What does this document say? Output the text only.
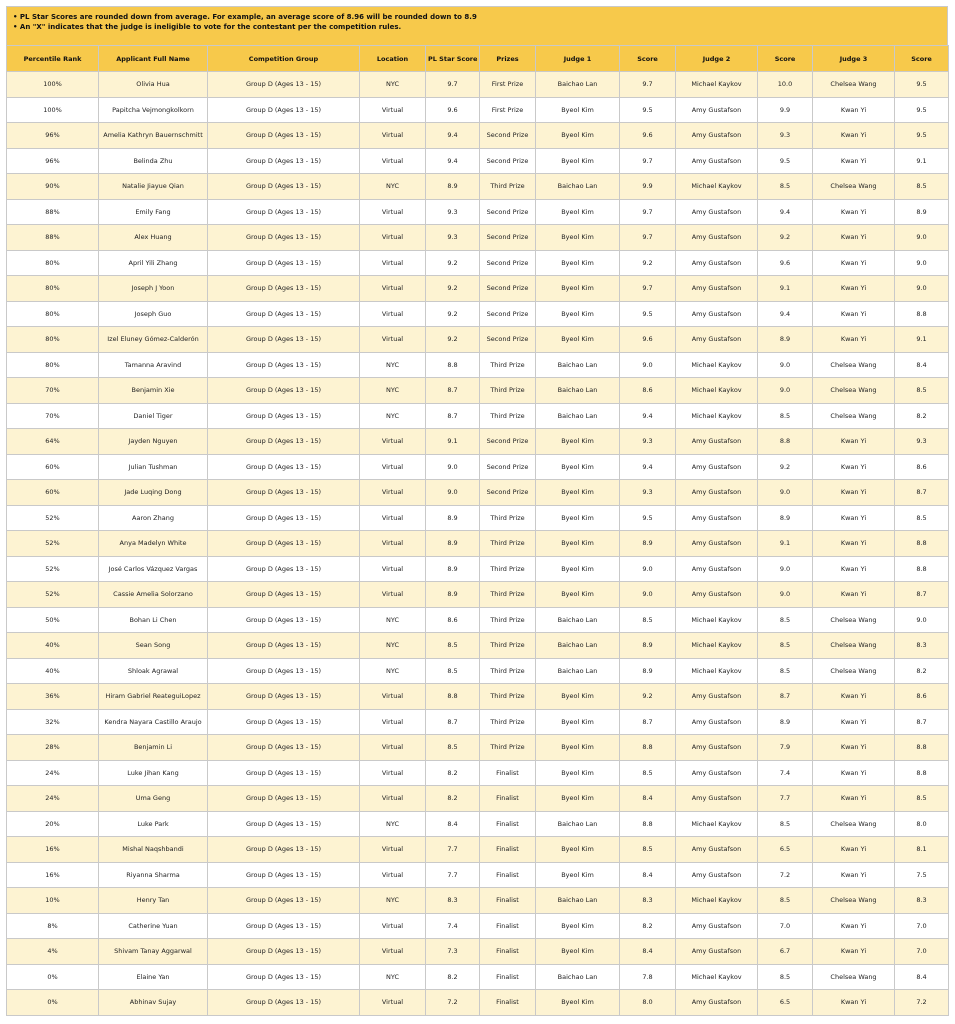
• PL Star Scores are rounded down from average. For example, an average score of 8.96 will be rounded down to 8.9
• An "X" indicates that the judge is ineligible to vote for the contestant per the competition rules.
Percentile Rank	Applicant Full Name	Competition Group	Location	PL Star Score	Prizes	Judge 1	Score	Judge 2	Score	Judge 3	Score
100%	Olivia Hua	Group D (Ages 13 - 15)	NYC	9.7	First Prize	Baichao Lan	9.7	Michael Kaykov	10.0	Chelsea Wang	9.5
100%	Papitcha Vejmongkolkorn	Group D (Ages 13 - 15)	Virtual	9.6	First Prize	Byeol Kim	9.5	Amy Gustafson	9.9	Kwan Yi	9.5
96%	Amelia Kathryn Bauernschmitt	Group D (Ages 13 - 15)	Virtual	9.4	Second Prize	Byeol Kim	9.6	Amy Gustafson	9.3	Kwan Yi	9.5
96%	Belinda Zhu	Group D (Ages 13 - 15)	Virtual	9.4	Second Prize	Byeol Kim	9.7	Amy Gustafson	9.5	Kwan Yi	9.1
90%	Natalie Jiayue Qian	Group D (Ages 13 - 15)	NYC	8.9	Third Prize	Baichao Lan	9.9	Michael Kaykov	8.5	Chelsea Wang	8.5
88%	Emily Fang	Group D (Ages 13 - 15)	Virtual	9.3	Second Prize	Byeol Kim	9.7	Amy Gustafson	9.4	Kwan Yi	8.9
88%	Alex Huang	Group D (Ages 13 - 15)	Virtual	9.3	Second Prize	Byeol Kim	9.7	Amy Gustafson	9.2	Kwan Yi	9.0
80%	April Yili Zhang	Group D (Ages 13 - 15)	Virtual	9.2	Second Prize	Byeol Kim	9.2	Amy Gustafson	9.6	Kwan Yi	9.0
80%	Joseph J Yoon	Group D (Ages 13 - 15)	Virtual	9.2	Second Prize	Byeol Kim	9.7	Amy Gustafson	9.1	Kwan Yi	9.0
80%	Joseph Guo	Group D (Ages 13 - 15)	Virtual	9.2	Second Prize	Byeol Kim	9.5	Amy Gustafson	9.4	Kwan Yi	8.8
80%	Izel Eluney Gómez-Calderón	Group D (Ages 13 - 15)	Virtual	9.2	Second Prize	Byeol Kim	9.6	Amy Gustafson	8.9	Kwan Yi	9.1
80%	Tamanna Aravind	Group D (Ages 13 - 15)	NYC	8.8	Third Prize	Baichao Lan	9.0	Michael Kaykov	9.0	Chelsea Wang	8.4
70%	Benjamin Xie	Group D (Ages 13 - 15)	NYC	8.7	Third Prize	Baichao Lan	8.6	Michael Kaykov	9.0	Chelsea Wang	8.5
70%	Daniel Tiger	Group D (Ages 13 - 15)	NYC	8.7	Third Prize	Baichao Lan	9.4	Michael Kaykov	8.5	Chelsea Wang	8.2
64%	Jayden Nguyen	Group D (Ages 13 - 15)	Virtual	9.1	Second Prize	Byeol Kim	9.3	Amy Gustafson	8.8	Kwan Yi	9.3
60%	Julian Tushman	Group D (Ages 13 - 15)	Virtual	9.0	Second Prize	Byeol Kim	9.4	Amy Gustafson	9.2	Kwan Yi	8.6
60%	Jade Luqing Dong	Group D (Ages 13 - 15)	Virtual	9.0	Second Prize	Byeol Kim	9.3	Amy Gustafson	9.0	Kwan Yi	8.7
52%	Aaron Zhang	Group D (Ages 13 - 15)	Virtual	8.9	Third Prize	Byeol Kim	9.5	Amy Gustafson	8.9	Kwan Yi	8.5
52%	Anya Madelyn White	Group D (Ages 13 - 15)	Virtual	8.9	Third Prize	Byeol Kim	8.9	Amy Gustafson	9.1	Kwan Yi	8.8
52%	José Carlos Vázquez Vargas	Group D (Ages 13 - 15)	Virtual	8.9	Third Prize	Byeol Kim	9.0	Amy Gustafson	9.0	Kwan Yi	8.8
52%	Cassie Amelia Solorzano	Group D (Ages 13 - 15)	Virtual	8.9	Third Prize	Byeol Kim	9.0	Amy Gustafson	9.0	Kwan Yi	8.7
50%	Bohan Li Chen	Group D (Ages 13 - 15)	NYC	8.6	Third Prize	Baichao Lan	8.5	Michael Kaykov	8.5	Chelsea Wang	9.0
40%	Sean Song	Group D (Ages 13 - 15)	NYC	8.5	Third Prize	Baichao Lan	8.9	Michael Kaykov	8.5	Chelsea Wang	8.3
40%	Shloak Agrawal	Group D (Ages 13 - 15)	NYC	8.5	Third Prize	Baichao Lan	8.9	Michael Kaykov	8.5	Chelsea Wang	8.2
36%	Hiram Gabriel ReateguiLopez	Group D (Ages 13 - 15)	Virtual	8.8	Third Prize	Byeol Kim	9.2	Amy Gustafson	8.7	Kwan Yi	8.6
32%	Kendra Nayara Castillo Araujo	Group D (Ages 13 - 15)	Virtual	8.7	Third Prize	Byeol Kim	8.7	Amy Gustafson	8.9	Kwan Yi	8.7
28%	Benjamin Li	Group D (Ages 13 - 15)	Virtual	8.5	Third Prize	Byeol Kim	8.8	Amy Gustafson	7.9	Kwan Yi	8.8
24%	Luke Jihan Kang	Group D (Ages 13 - 15)	Virtual	8.2	Finalist	Byeol Kim	8.5	Amy Gustafson	7.4	Kwan Yi	8.8
24%	Uma Geng	Group D (Ages 13 - 15)	Virtual	8.2	Finalist	Byeol Kim	8.4	Amy Gustafson	7.7	Kwan Yi	8.5
20%	Luke Park	Group D (Ages 13 - 15)	NYC	8.4	Finalist	Baichao Lan	8.8	Michael Kaykov	8.5	Chelsea Wang	8.0
16%	Mishal Naqshbandi	Group D (Ages 13 - 15)	Virtual	7.7	Finalist	Byeol Kim	8.5	Amy Gustafson	6.5	Kwan Yi	8.1
16%	Riyanna Sharma	Group D (Ages 13 - 15)	Virtual	7.7	Finalist	Byeol Kim	8.4	Amy Gustafson	7.2	Kwan Yi	7.5
10%	Henry Tan	Group D (Ages 13 - 15)	NYC	8.3	Finalist	Baichao Lan	8.3	Michael Kaykov	8.5	Chelsea Wang	8.3
8%	Catherine Yuan	Group D (Ages 13 - 15)	Virtual	7.4	Finalist	Byeol Kim	8.2	Amy Gustafson	7.0	Kwan Yi	7.0
4%	Shivam Tanay Aggarwal	Group D (Ages 13 - 15)	Virtual	7.3	Finalist	Byeol Kim	8.4	Amy Gustafson	6.7	Kwan Yi	7.0
0%	Elaine Yan	Group D (Ages 13 - 15)	NYC	8.2	Finalist	Baichao Lan	7.8	Michael Kaykov	8.5	Chelsea Wang	8.4
0%	Abhinav Sujay	Group D (Ages 13 - 15)	Virtual	7.2	Finalist	Byeol Kim	8.0	Amy Gustafson	6.5	Kwan Yi	7.2
